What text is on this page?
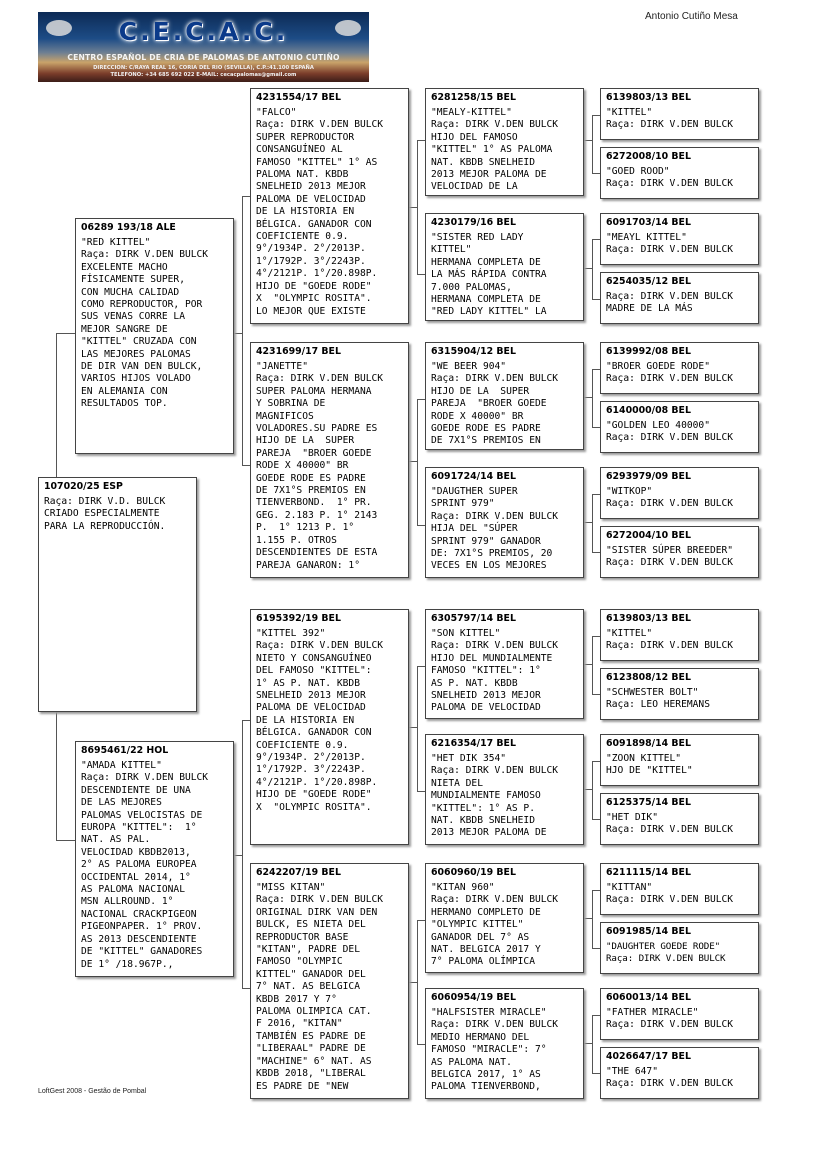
C.E.C.A.C.
CENTRO ESPAÑOL DE CRIA DE PALOMAS DE ANTONIO CUTIÑO
DIRECCION: C/RAYA REAL 16, CORIA DEL RIO (SEVILLA), C.P.:41.100 ESPAÑA
TELEFONO: +34 685 692 022 E-MAIL: cecacpalomas@gmail.com
Antonio Cutiño Mesa
107020/25 ESP
Raça: DIRK V.D. BULCK
CRIADO ESPECIALMENTE
PARA LA REPRODUCCIÓN.
06289 193/18 ALE
"RED KITTEL"
Raça: DIRK V.DEN BULCK
EXCELENTE MACHO
FÍSICAMENTE SUPER,
CON MUCHA CALIDAD
COMO REPRODUCTOR, POR
SUS VENAS CORRE LA
MEJOR SANGRE DE
"KITTEL" CRUZADA CON
LAS MEJORES PALOMAS
DE DIR VAN DEN BULCK,
VARIOS HIJOS VOLADO
EN ALEMANIA CON
RESULTADOS TOP.
8695461/22 HOL
"AMADA KITTEL"
Raça: DIRK V.DEN BULCK
DESCENDIENTE DE UNA
DE LAS MEJORES
PALOMAS VELOCISTAS DE
EUROPA "KITTEL":  1°
NAT. AS PAL.
VELOCIDAD KBDB2013,
2° AS PALOMA EUROPEA
OCCIDENTAL 2014, 1°
AS PALOMA NACIONAL
MSN ALLROUND. 1°
NACIONAL CRACKPIGEON
PIGEONPAPER. 1° PROV.
AS 2013 DESCENDIENTE
DE "KITTEL" GANADORES
DE 1° /18.967P.,
4231554/17 BEL
"FALCO"
Raça: DIRK V.DEN BULCK
SUPER REPRODUCTOR
CONSANGUÍNEO AL
FAMOSO "KITTEL" 1° AS
PALOMA NAT. KBDB
SNELHEID 2013 MEJOR
PALOMA DE VELOCIDAD
DE LA HISTORIA EN
BÉLGICA. GANADOR CON
COEFICIENTE 0.9.
9°/1934P. 2°/2013P.
1°/1792P. 3°/2243P.
4°/2121P. 1°/20.898P.
HIJO DE "GOEDE RODE"
X  "OLYMPIC ROSITA".
LO MEJOR QUE EXISTE
4231699/17 BEL
"JANETTE"
Raça: DIRK V.DEN BULCK
SUPER PALOMA HERMANA
Y SOBRINA DE
MAGNIFICOS
VOLADORES.SU PADRE ES
HIJO DE LA  SUPER
PAREJA  "BROER GOEDE
RODE X 40000" BR
GOEDE RODE ES PADRE
DE 7X1°S PREMIOS EN
TIENVERBOND.  1° PR.
GEG. 2.183 P. 1° 2143
P.  1° 1213 P. 1°
1.155 P. OTROS
DESCENDIENTES DE ESTA
PAREJA GANARON: 1°
6195392/19 BEL
"KITTEL 392"
Raça: DIRK V.DEN BULCK
NIETO Y CONSANGUÍNEO
DEL FAMOSO "KITTEL":
1° AS P. NAT. KBDB
SNELHEID 2013 MEJOR
PALOMA DE VELOCIDAD
DE LA HISTORIA EN
BÉLGICA. GANADOR CON
COEFICIENTE 0.9.
9°/1934P. 2°/2013P.
1°/1792P. 3°/2243P.
4°/2121P. 1°/20.898P.
HIJO DE "GOEDE RODE"
X  "OLYMPIC ROSITA".
6242207/19 BEL
"MISS KITAN"
Raça: DIRK V.DEN BULCK
ORIGINAL DIRK VAN DEN
BULCK, ES NIETA DEL
REPRODUCTOR BASE
"KITAN", PADRE DEL
FAMOSO "OLYMPIC
KITTEL" GANADOR DEL
7° NAT. AS BELGICA
KBDB 2017 Y 7°
PALOMA OLIMPICA CAT.
F 2016, "KITAN"
TAMBIÉN ES PADRE DE
"LIBERAAL" PADRE DE
"MACHINE" 6° NAT. AS
KBDB 2018, "LIBERAL
ES PADRE DE "NEW
6281258/15 BEL
"MEALY-KITTEL"
Raça: DIRK V.DEN BULCK
HIJO DEL FAMOSO
"KITTEL" 1° AS PALOMA
NAT. KBDB SNELHEID
2013 MEJOR PALOMA DE
VELOCIDAD DE LA
4230179/16 BEL
"SISTER RED LADY
KITTEL"
HERMANA COMPLETA DE
LA MÁS RÁPIDA CONTRA
7.000 PALOMAS,
HERMANA COMPLETA DE
"RED LADY KITTEL" LA
6315904/12 BEL
"WE BEER 904"
Raça: DIRK V.DEN BULCK
HIJO DE LA  SUPER
PAREJA  "BROER GOEDE
RODE X 40000" BR
GOEDE RODE ES PADRE
DE 7X1°S PREMIOS EN
6091724/14 BEL
"DAUGTHER SUPER
SPRINT 979"
Raça: DIRK V.DEN BULCK
HIJA DEL "SÚPER
SPRINT 979" GANADOR
DE: 7X1°S PREMIOS, 20
VECES EN LOS MEJORES
6305797/14 BEL
"SON KITTEL"
Raça: DIRK V.DEN BULCK
HIJO DEL MUNDIALMENTE
FAMOSO "KITTEL": 1°
AS P. NAT. KBDB
SNELHEID 2013 MEJOR
PALOMA DE VELOCIDAD
6216354/17 BEL
"HET DIK 354"
Raça: DIRK V.DEN BULCK
NIETA DEL
MUNDIALMENTE FAMOSO
"KITTEL": 1° AS P.
NAT. KBDB SNELHEID
2013 MEJOR PALOMA DE
6060960/19 BEL
"KITAN 960"
Raça: DIRK V.DEN BULCK
HERMANO COMPLETO DE
"OLYMPIC KITTEL"
GANADOR DEL 7° AS
NAT. BELGICA 2017 Y
7° PALOMA OLÍMPICA
6060954/19 BEL
"HALFSISTER MIRACLE"
Raça: DIRK V.DEN BULCK
MEDIO HERMANO DEL
FAMOSO "MIRACLE": 7°
AS PALOMA NAT.
BELGICA 2017, 1° AS
PALOMA TIENVERBOND,
6139803/13 BEL
"KITTEL"
Raça: DIRK V.DEN BULCK
6272008/10 BEL
"GOED ROOD"
Raça: DIRK V.DEN BULCK
6091703/14 BEL
"MEAYL KITTEL"
Raça: DIRK V.DEN BULCK
6254035/12 BEL
Raça: DIRK V.DEN BULCK
MADRE DE LA MÁS
6139992/08 BEL
"BROER GOEDE RODE"
Raça: DIRK V.DEN BULCK
6140000/08 BEL
"GOLDEN LEO 40000"
Raça: DIRK V.DEN BULCK
6293979/09 BEL
"WITKOP"
Raça: DIRK V.DEN BULCK
6272004/10 BEL
"SISTER SÚPER BREEDER"
Raça: DIRK V.DEN BULCK
6139803/13 BEL
"KITTEL"
Raça: DIRK V.DEN BULCK
6123808/12 BEL
"SCHWESTER BOLT"
Raça: LEO HEREMANS
6091898/14 BEL
"ZOON KITTEL"
HJO DE "KITTEL"
6125375/14 BEL
"HET DIK"
Raça: DIRK V.DEN BULCK
6211115/14 BEL
"KITTAN"
Raça: DIRK V.DEN BULCK
6091985/14 BEL
"DAUGHTER GOEDE RODE"
Raça: DIRK V.DEN BULCK
6060013/14 BEL
"FATHER MIRACLE"
Raça: DIRK V.DEN BULCK
4026647/17 BEL
"THE 647"
Raça: DIRK V.DEN BULCK
LoftGest 2008 - Gestão de Pombal
